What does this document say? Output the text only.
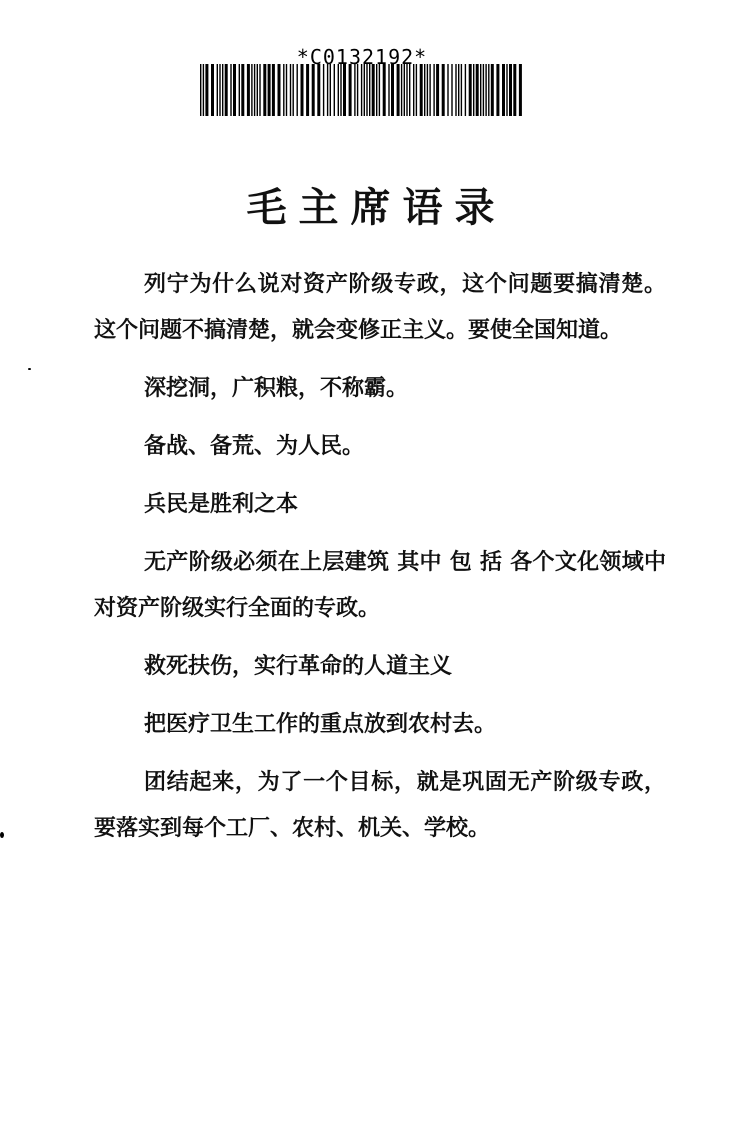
*C0132192*
毛主席语录

列宁为什么说对资产阶级专政，这个问题要搞清楚。这个问题不搞清楚，就会变修正主义。要使全国知道。

深挖洞，广积粮，不称霸。

备战、备荒、为人民。

兵民是胜利之本

无产阶级必须在上层建筑 其中 包 括 各个文化领域中对资产阶级实行全面的专政。

救死扶伤，实行革命的人道主义

把医疗卫生工作的重点放到农村去。

团结起来，为了一个目标，就是巩固无产阶级专政，要落实到每个工厂、农村、机关、学校。
